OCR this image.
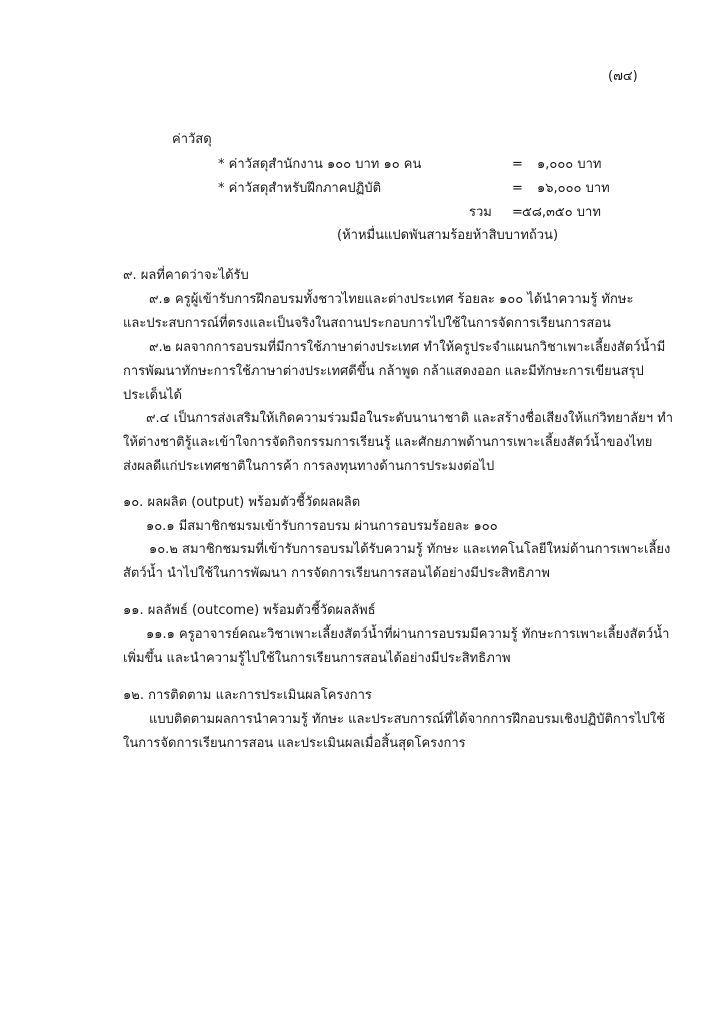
(๗๔)
ค่าวัสดุ
* ค่าวัสดุสำนักงาน ๑๐๐ บาท ๑๐ คน	= ๑,๐๐๐ บาท
* ค่าวัสดุสำหรับฝึกภาคปฏิบัติ	= ๑๖,๐๐๐ บาท
รวม = ๕๘,๓๕๐ บาท
(ห้าหมื่นแปดพันสามร้อยห้าสิบบาทถ้วน)
๙. ผลที่คาดว่าจะได้รับ
๙.๑ ครูผู้เข้ารับการฝึกอบรมทั้งชาวไทยและต่างประเทศ ร้อยละ ๑๐๐ ได้นำความรู้ ทักษะ
และประสบการณ์ที่ตรงและเป็นจริงในสถานประกอบการไปใช้ในการจัดการเรียนการสอน
๙.๒ ผลจากการอบรมที่มีการใช้ภาษาต่างประเทศ ทำให้ครูประจำแผนกวิชาเพาะเลี้ยงสัตว์น้ำมี
การพัฒนาทักษะการใช้ภาษาต่างประเทศดีขึ้น กล้าพูด กล้าแสดงออก และมีทักษะการเขียนสรุป
ประเด็นได้
๙.๔ เป็นการส่งเสริมให้เกิดความร่วมมือในระดับนานาชาติ และสร้างชื่อเสียงให้แก่วิทยาลัยฯ ทำ
ให้ต่างชาติรู้และเข้าใจการจัดกิจกรรมการเรียนรู้ และศักยภาพด้านการเพาะเลี้ยงสัตว์น้ำของไทย
ส่งผลดีแก่ประเทศชาติในการค้า การลงทุนทางด้านการประมงต่อไป
๑๐. ผลผลิต (output) พร้อมตัวชี้วัดผลผลิต
๑๐.๑ มีสมาชิกชมรมเข้ารับการอบรม ผ่านการอบรมร้อยละ ๑๐๐
๑๐.๒ สมาชิกชมรมที่เข้ารับการอบรมได้รับความรู้ ทักษะ และเทคโนโลยีใหม่ด้านการเพาะเลี้ยง
สัตว์น้ำ นำไปใช้ในการพัฒนา การจัดการเรียนการสอนได้อย่างมีประสิทธิภาพ
๑๑. ผลลัพธ์ (outcome) พร้อมตัวชี้วัดผลลัพธ์
๑๑.๑ ครูอาจารย์คณะวิชาเพาะเลี้ยงสัตว์น้ำที่ผ่านการอบรมมีความรู้ ทักษะการเพาะเลี้ยงสัตว์น้ำ
เพิ่มขึ้น และนำความรู้ไปใช้ในการเรียนการสอนได้อย่างมีประสิทธิภาพ
๑๒. การติดตาม และการประเมินผลโครงการ
แบบติดตามผลการนำความรู้ ทักษะ และประสบการณ์ที่ได้จากการฝึกอบรมเชิงปฏิบัติการไปใช้
ในการจัดการเรียนการสอน และประเมินผลเมื่อสิ้นสุดโครงการ
